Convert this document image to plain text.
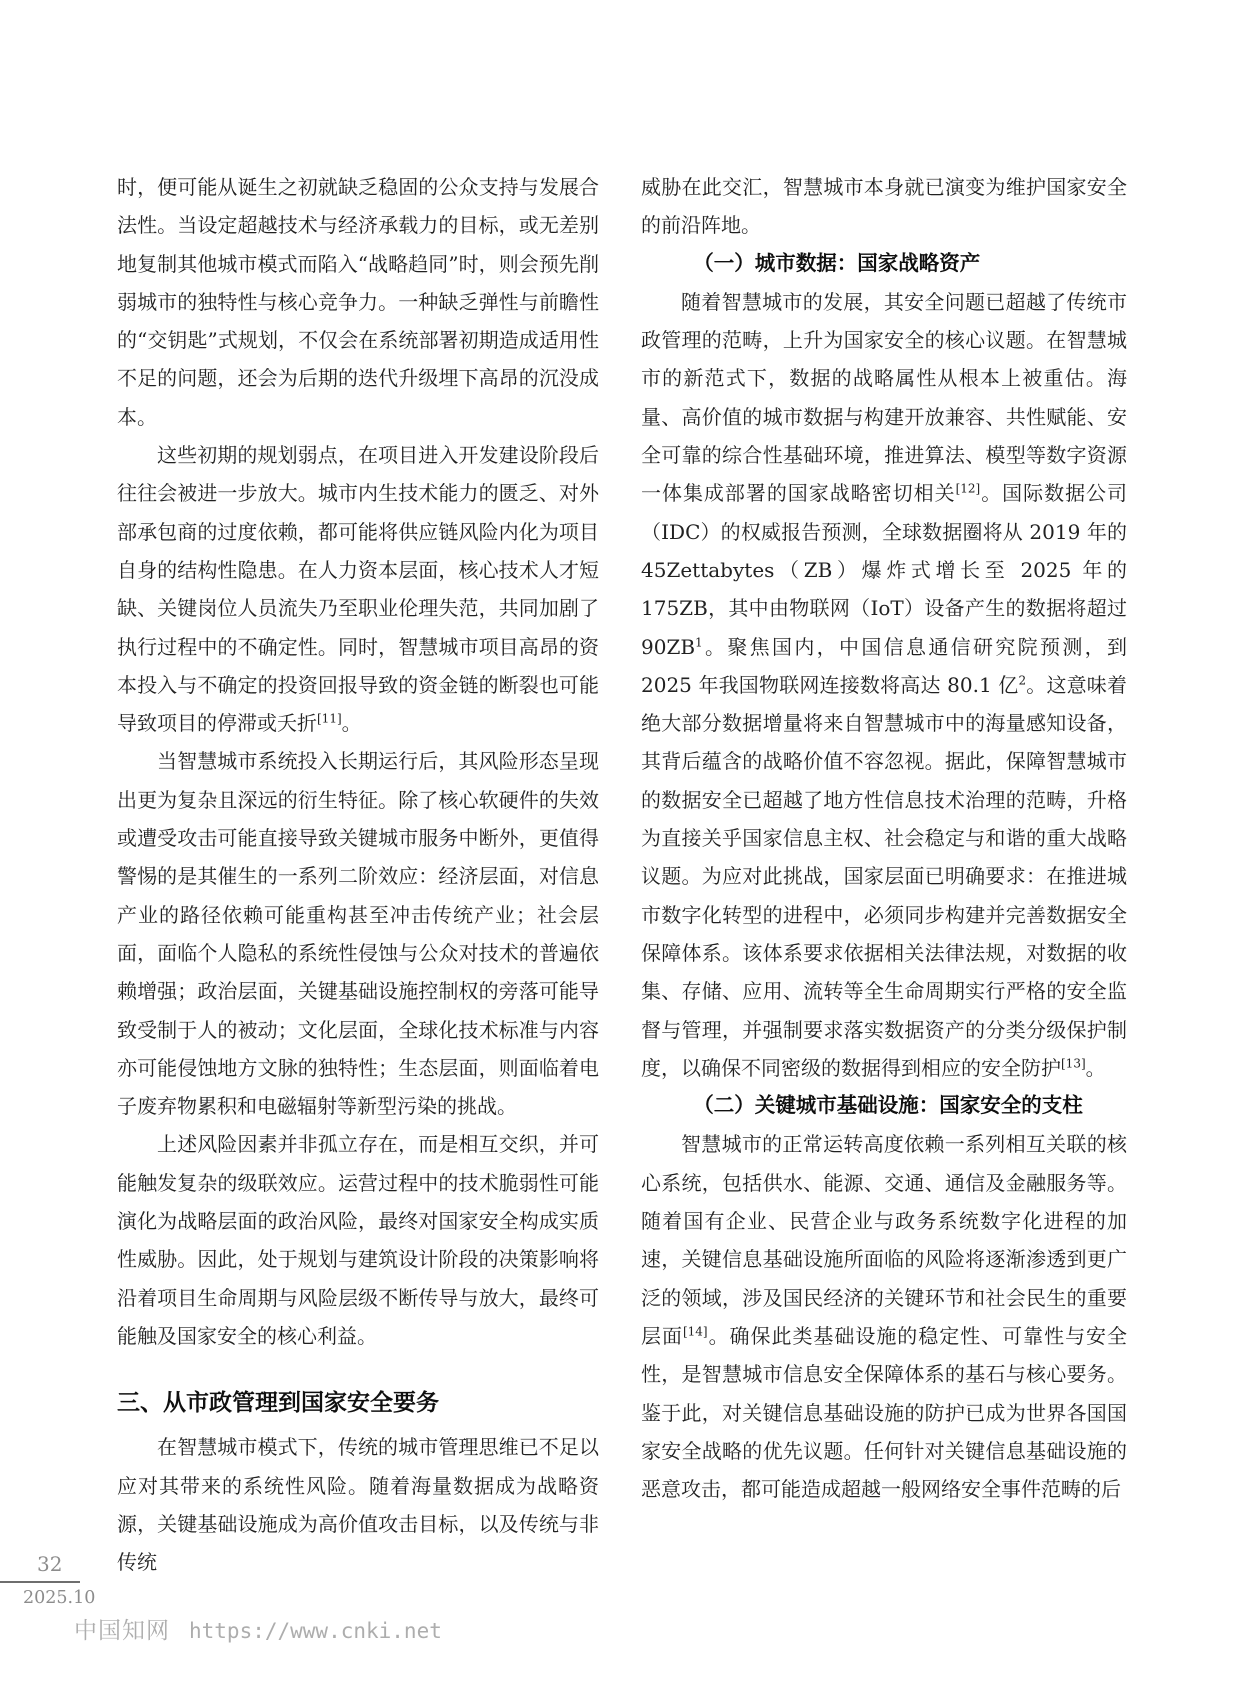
时，便可能从诞生之初就缺乏稳固的公众支持与发展合法性。当设定超越技术与经济承载力的目标，或无差别地复制其他城市模式而陷入“战略趋同”时，则会预先削弱城市的独特性与核心竞争力。一种缺乏弹性与前瞻性的“交钥匙”式规划，不仅会在系统部署初期造成适用性不足的问题，还会为后期的迭代升级埋下高昂的沉没成本。

这些初期的规划弱点，在项目进入开发建设阶段后往往会被进一步放大。城市内生技术能力的匮乏、对外部承包商的过度依赖，都可能将供应链风险内化为项目自身的结构性隐患。在人力资本层面，核心技术人才短缺、关键岗位人员流失乃至职业伦理失范，共同加剧了执行过程中的不确定性。同时，智慧城市项目高昂的资本投入与不确定的投资回报导致的资金链的断裂也可能导致项目的停滞或夭折[11]。

当智慧城市系统投入长期运行后，其风险形态呈现出更为复杂且深远的衍生特征。除了核心软硬件的失效或遭受攻击可能直接导致关键城市服务中断外，更值得警惕的是其催生的一系列二阶效应：经济层面，对信息产业的路径依赖可能重构甚至冲击传统产业；社会层面，面临个人隐私的系统性侵蚀与公众对技术的普遍依赖增强；政治层面，关键基础设施控制权的旁落可能导致受制于人的被动；文化层面，全球化技术标准与内容亦可能侵蚀地方文脉的独特性；生态层面，则面临着电子废弃物累积和电磁辐射等新型污染的挑战。

上述风险因素并非孤立存在，而是相互交织，并可能触发复杂的级联效应。运营过程中的技术脆弱性可能演化为战略层面的政治风险，最终对国家安全构成实质性威胁。因此，处于规划与建筑设计阶段的决策影响将沿着项目生命周期与风险层级不断传导与放大，最终可能触及国家安全的核心利益。

三、从市政管理到国家安全要务

在智慧城市模式下，传统的城市管理思维已不足以应对其带来的系统性风险。随着海量数据成为战略资源，关键基础设施成为高价值攻击目标，以及传统与非传统

威胁在此交汇，智慧城市本身就已演变为维护国家安全的前沿阵地。

（一）城市数据：国家战略资产

随着智慧城市的发展，其安全问题已超越了传统市政管理的范畴，上升为国家安全的核心议题。在智慧城市的新范式下，数据的战略属性从根本上被重估。海量、高价值的城市数据与构建开放兼容、共性赋能、安全可靠的综合性基础环境，推进算法、模型等数字资源一体集成部署的国家战略密切相关[12]。国际数据公司（IDC）的权威报告预测，全球数据圈将从 2019 年的 45Zettabytes（ZB）爆炸式增长至 2025 年的 175ZB，其中由物联网（IoT）设备产生的数据将超过 90ZB$^1$。聚焦国内，中国信息通信研究院预测，到 2025 年我国物联网连接数将高达 80.1 亿$^2$。这意味着绝大部分数据增量将来自智慧城市中的海量感知设备，其背后蕴含的战略价值不容忽视。据此，保障智慧城市的数据安全已超越了地方性信息技术治理的范畴，升格为直接关乎国家信息主权、社会稳定与和谐的重大战略议题。为应对此挑战，国家层面已明确要求：在推进城市数字化转型的进程中，必须同步构建并完善数据安全保障体系。该体系要求依据相关法律法规，对数据的收集、存储、应用、流转等全生命周期实行严格的安全监督与管理，并强制要求落实数据资产的分类分级保护制度，以确保不同密级的数据得到相应的安全防护[13]。

（二）关键城市基础设施：国家安全的支柱

智慧城市的正常运转高度依赖一系列相互关联的核心系统，包括供水、能源、交通、通信及金融服务等。随着国有企业、民营企业与政务系统数字化进程的加速，关键信息基础设施所面临的风险将逐渐渗透到更广泛的领域，涉及国民经济的关键环节和社会民生的重要层面[14]。确保此类基础设施的稳定性、可靠性与安全性，是智慧城市信息安全保障体系的基石与核心要务。鉴于此，对关键信息基础设施的防护已成为世界各国国家安全战略的优先议题。任何针对关键信息基础设施的恶意攻击，都可能造成超越一般网络安全事件范畴的后

32
2025.10
中国知网 https://www.cnki.net
